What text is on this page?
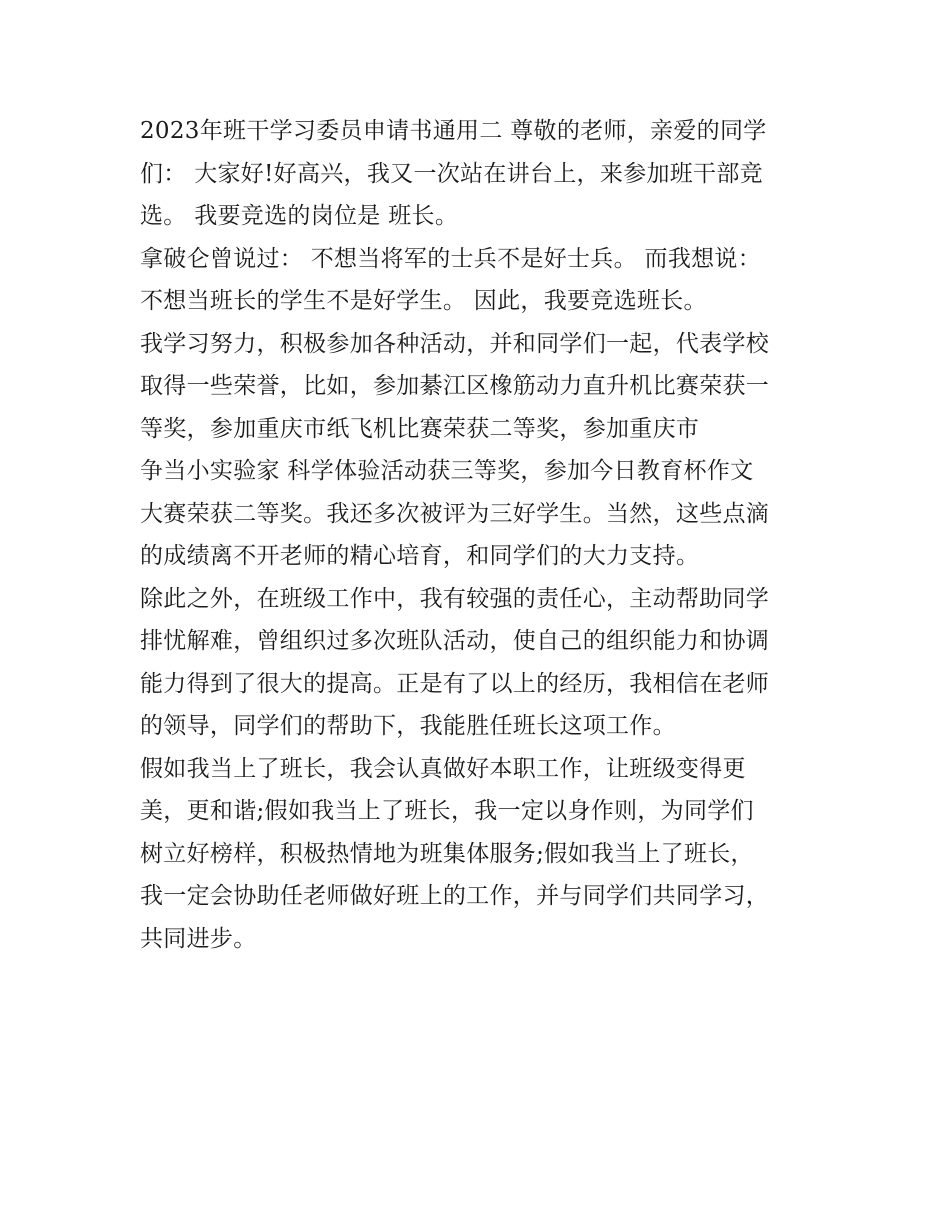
2023年班干学习委员申请书通用二 尊敬的老师，亲爱的同学
们： 大家好!好高兴，我又一次站在讲台上，来参加班干部竞
选。 我要竞选的岗位是 班长。
拿破仑曾说过： 不想当将军的士兵不是好士兵。 而我想说：
不想当班长的学生不是好学生。 因此，我要竞选班长。
我学习努力，积极参加各种活动，并和同学们一起，代表学校
取得一些荣誉，比如，参加綦江区橡筋动力直升机比赛荣获一
等奖，参加重庆市纸飞机比赛荣获二等奖，参加重庆市
争当小实验家 科学体验活动获三等奖，参加今日教育杯作文
大赛荣获二等奖。我还多次被评为三好学生。当然，这些点滴
的成绩离不开老师的精心培育，和同学们的大力支持。
除此之外，在班级工作中，我有较强的责任心，主动帮助同学
排忧解难，曾组织过多次班队活动，使自己的组织能力和协调
能力得到了很大的提高。正是有了以上的经历，我相信在老师
的领导，同学们的帮助下，我能胜任班长这项工作。
假如我当上了班长，我会认真做好本职工作，让班级变得更
美，更和谐;假如我当上了班长，我一定以身作则，为同学们
树立好榜样，积极热情地为班集体服务;假如我当上了班长，
我一定会协助任老师做好班上的工作，并与同学们共同学习，
共同进步。
